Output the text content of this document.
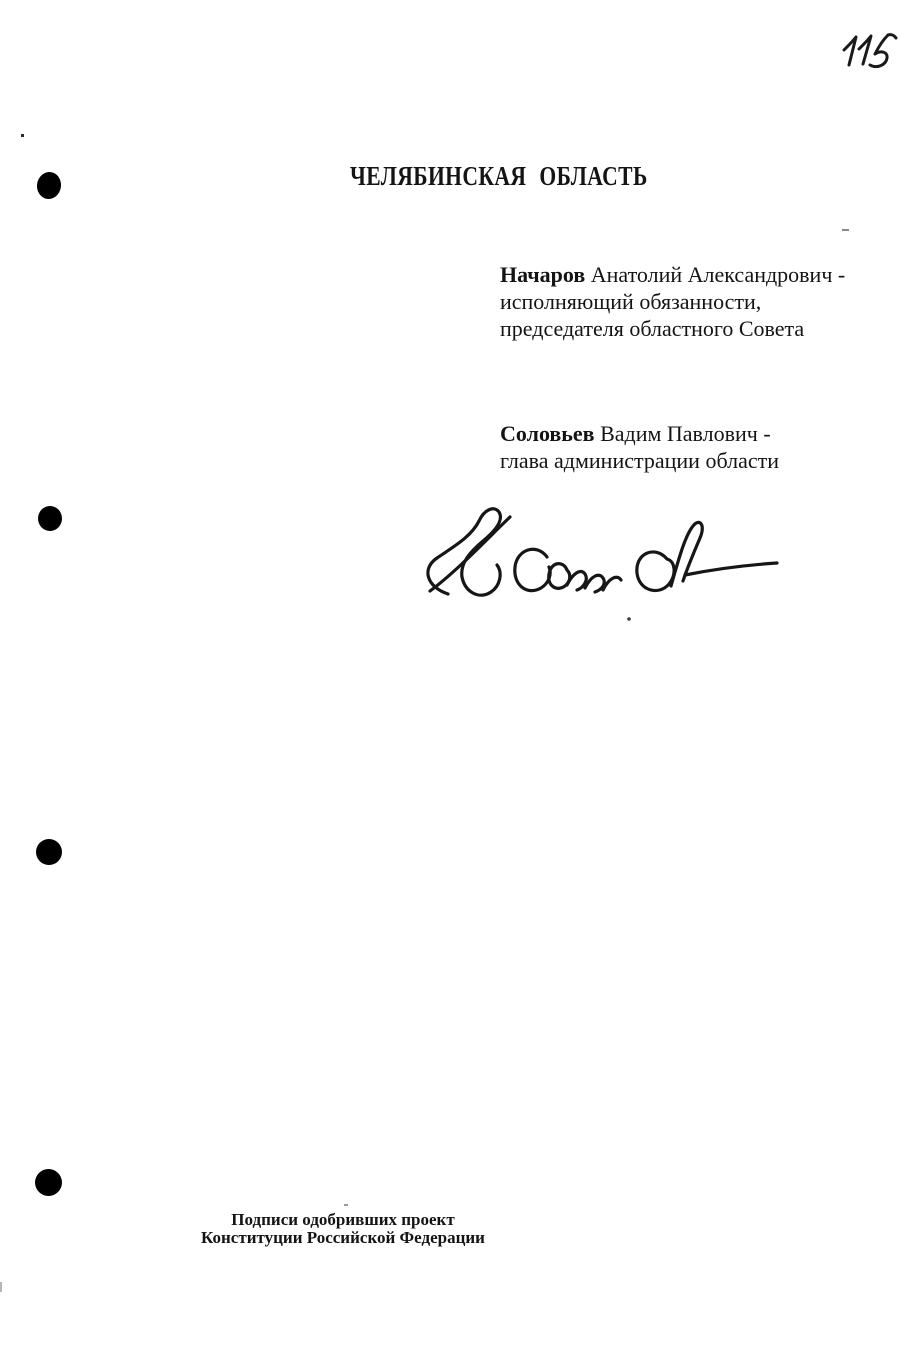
ЧЕЛЯБИНСКАЯ ОБЛАСТЬ

Начаров Анатолий Александрович -

исполняющий обязанности,

председателя областного Совета

Соловьев Вадим Павлович -

глава администрации области

Подписи одобривших проект

Конституции Российской Федерации
